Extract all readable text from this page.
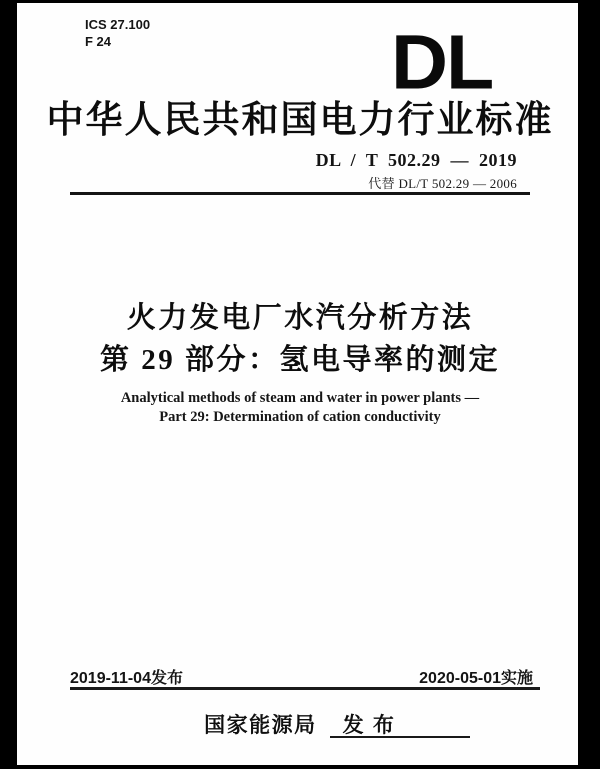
ICS 27.100
F 24	DL
中华人民共和国电力行业标准
DL / T 502.29 — 2019
代替 DL/T 502.29 — 2006
火力发电厂水汽分析方法
第 29 部分：氢电导率的测定
Analytical methods of steam and water in power plants —
Part 29: Determination of cation conductivity
2019-11-04发布	2020-05-01实施
国家能源局 发 布
